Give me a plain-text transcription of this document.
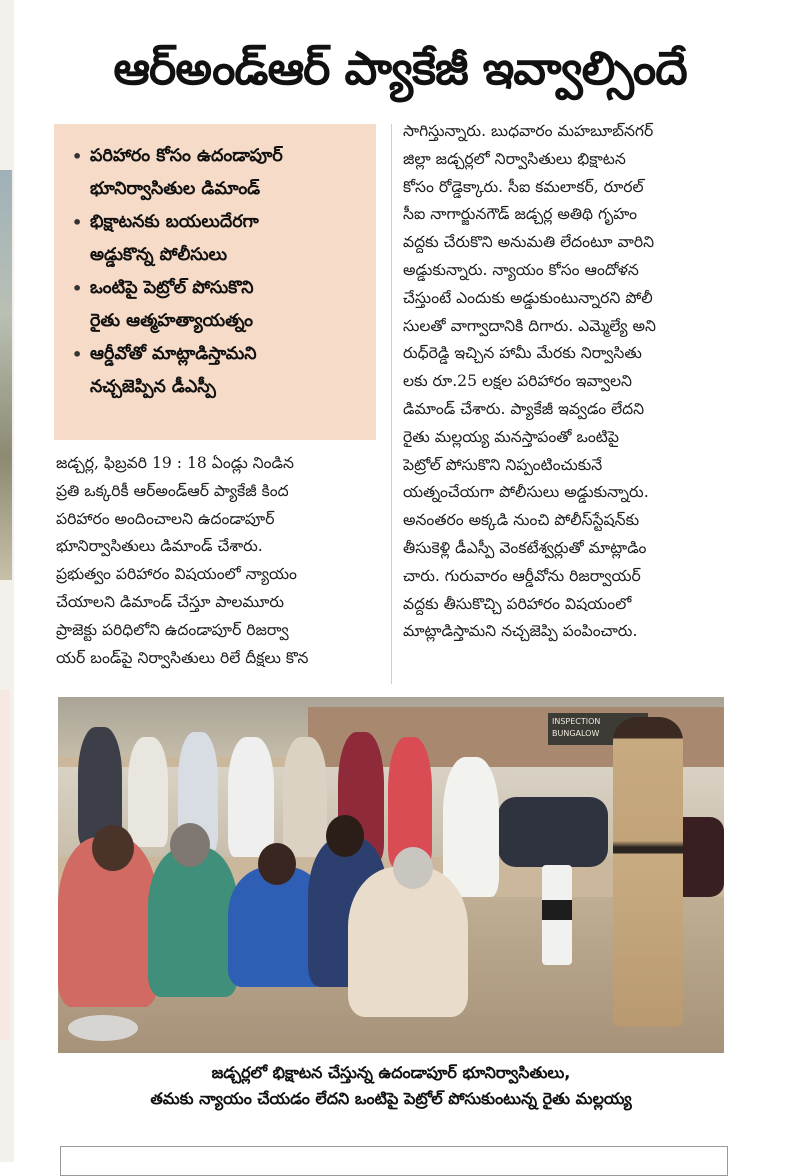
ఆర్‌అండ్‌ఆర్ ప్యాకేజీ ఇవ్వాల్సిందే
• పరిహారం కోసం ఉదండాపూర్
భూనిర్వాసితుల డిమాండ్
• భిక్షాటనకు బయలుదేరగా
అడ్డుకొన్న పోలీసులు
• ఒంటిపై పెట్రోల్ పోసుకొని
రైతు ఆత్మహత్యాయత్నం
• ఆర్డీవోతో మాట్లాడిస్తామని
నచ్చజెప్పిన డీఎస్పీ
జడ్చర్ల, ఫిబ్రవరి 19 : 18 ఏండ్లు నిండిన
ప్రతి ఒక్కరికీ ఆర్‌అండ్‌ఆర్ ప్యాకేజీ కింద
పరిహారం అందించాలని ఉదండాపూర్
భూనిర్వాసితులు డిమాండ్ చేశారు.
ప్రభుత్వం పరిహారం విషయంలో న్యాయం
చేయాలని డిమాండ్ చేస్తూ పాలమూరు
ప్రాజెక్టు పరిధిలోని ఉదండాపూర్ రిజర్వా
యర్ బండ్‌పై నిర్వాసితులు రిలే దీక్షలు కొన
సాగిస్తున్నారు. బుధవారం మహబూబ్‌నగర్
జిల్లా జడ్చర్లలో నిర్వాసితులు భిక్షాటన
కోసం రోడ్డెక్కారు. సీఐ కమలాకర్, రూరల్
సీఐ నాగార్జునగౌడ్ జడ్చర్ల అతిథి గృహం
వద్దకు చేరుకొని అనుమతి లేదంటూ వారిని
అడ్డుకున్నారు. న్యాయం కోసం ఆందోళన
చేస్తుంటే ఎందుకు అడ్డుకుంటున్నారని పోలీ
సులతో వాగ్వాదానికి దిగారు. ఎమ్మెల్యే అని
రుధ్‌రెడ్డి ఇచ్చిన హామీ మేరకు నిర్వాసితు
లకు రూ.25 లక్షల పరిహారం ఇవ్వాలని
డిమాండ్ చేశారు. ప్యాకేజీ ఇవ్వడం లేదని
రైతు మల్లయ్య మనస్తాపంతో ఒంటిపై
పెట్రోల్ పోసుకొని నిప్పంటించుకునే
యత్నంచేయగా పోలీసులు అడ్డుకున్నారు.
అనంతరం అక్కడి నుంచి పోలీస్‌స్టేషన్‌కు
తీసుకెళ్లి డీఎస్పీ వెంకటేశ్వర్లుతో మాట్లాడిం
చారు. గురువారం ఆర్డీవోను రిజర్వాయర్
వద్దకు తీసుకొచ్చి పరిహారం విషయంలో
మాట్లాడిస్తామని నచ్చజెప్పి పంపించారు.
INSPECTION BUNGALOW
జడ్చర్లలో భిక్షాటన చేస్తున్న ఉదండాపూర్ భూనిర్వాసితులు,
తమకు న్యాయం చేయడం లేదని ఒంటిపై పెట్రోల్ పోసుకుంటున్న రైతు మల్లయ్య
